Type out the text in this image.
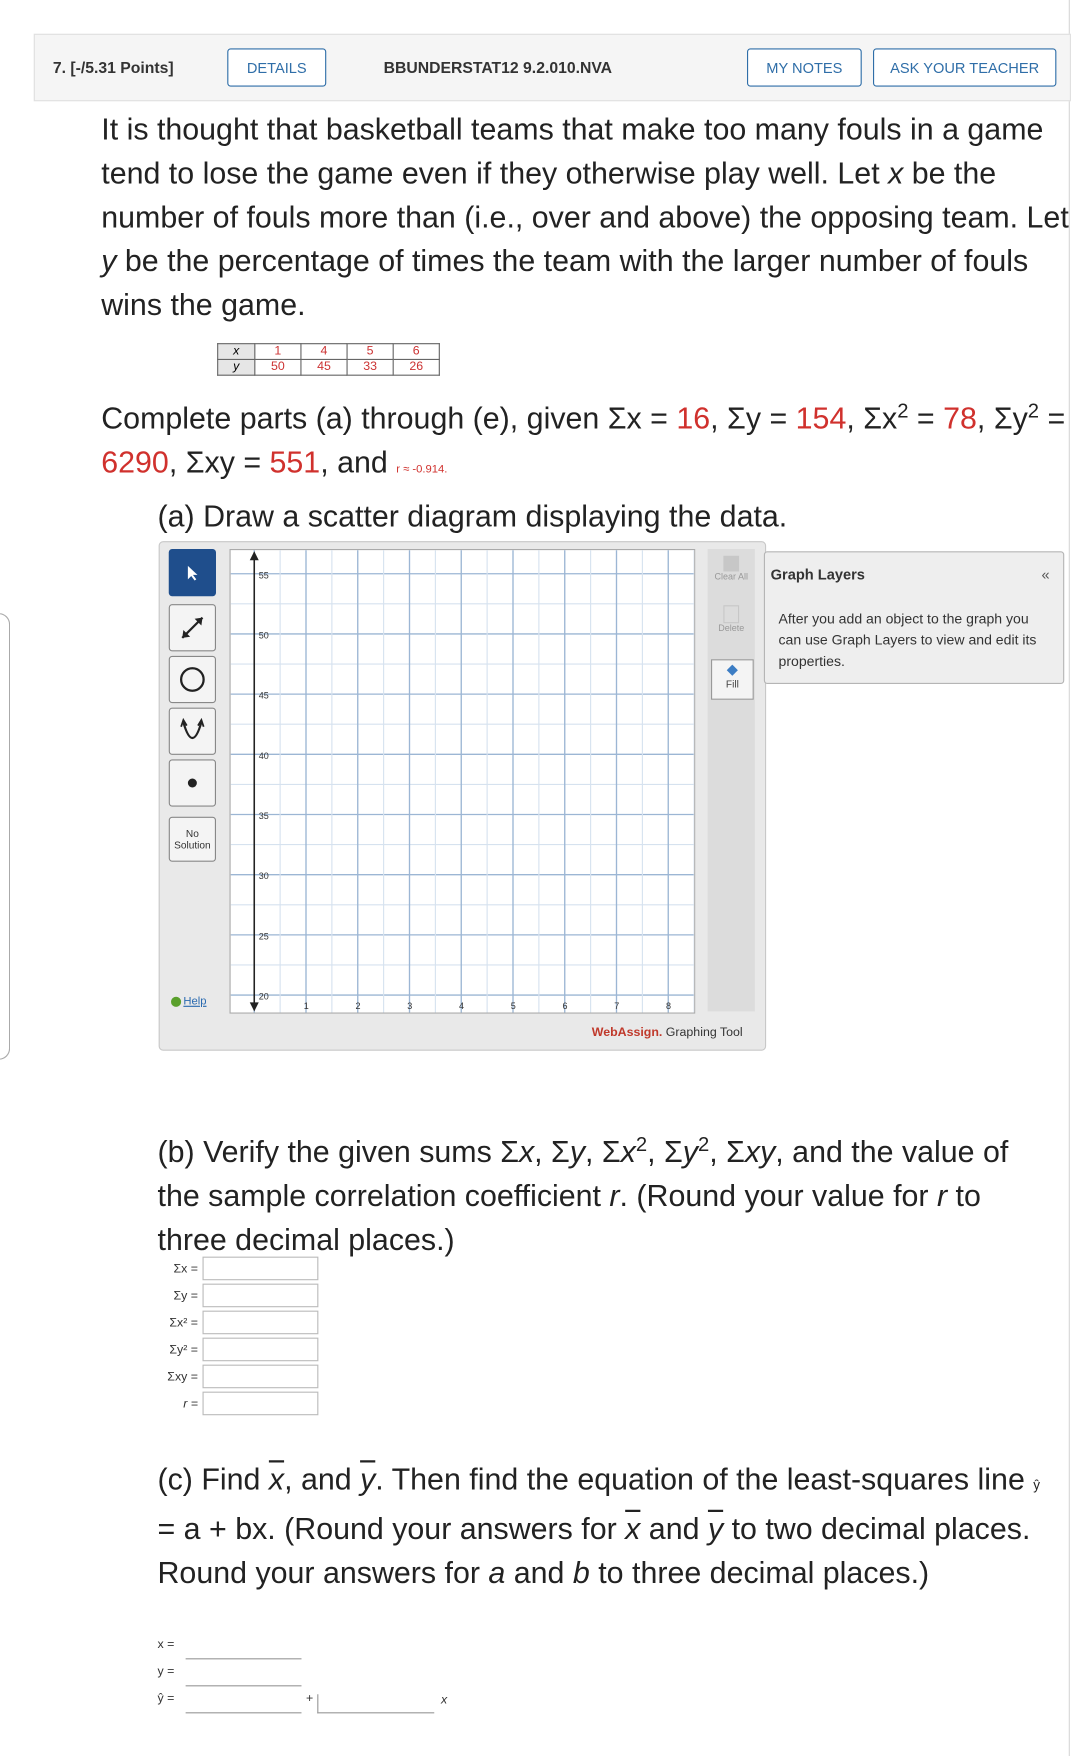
7. [-/5.31 Points]	DETAILS	BBUNDERSTAT12 9.2.010.NVA	MY NOTES	ASK YOUR TEACHER
It is thought that basketball teams that make too many fouls in a game tend to lose the game even if they otherwise play well. Let x be the number of fouls more than (i.e., over and above) the opposing team. Let y be the percentage of times the team with the larger number of fouls wins the game.
x	1	4	5	6
y	50	45	33	26
Complete parts (a) through (e), given Σx = 16, Σy = 154, $\Sigma x^2 = 78$, $\Sigma y^2 = 6290$, Σxy = 551, and r ≈ -0.914.
(a) Draw a scatter diagram displaying the data.
No Solution
Help
55
50
45
40
35
30
25
20
1	2	3	4	5	6	7	8
Clear All
Delete
◆
Fill
WebAssign. Graphing Tool
Graph Layers	«
After you add an object to the graph you can use Graph Layers to view and edit its properties.
(b) Verify the given sums Σx, Σy, $\Sigma x^2$, $\Sigma y^2$, Σxy, and the value of the sample correlation coefficient r. (Round your value for r to three decimal places.)
Σx =
Σy =
Σx² =
Σy² =
Σxy =
r =
(c) Find $\overline{x}$, and $\overline{y}$. Then find the equation of the least-squares line ŷ = a + bx. (Round your answers for $\overline{x}$ and $\overline{y}$ to two decimal places. Round your answers for a and b to three decimal places.)
x =
y =
ŷ =	+	x
